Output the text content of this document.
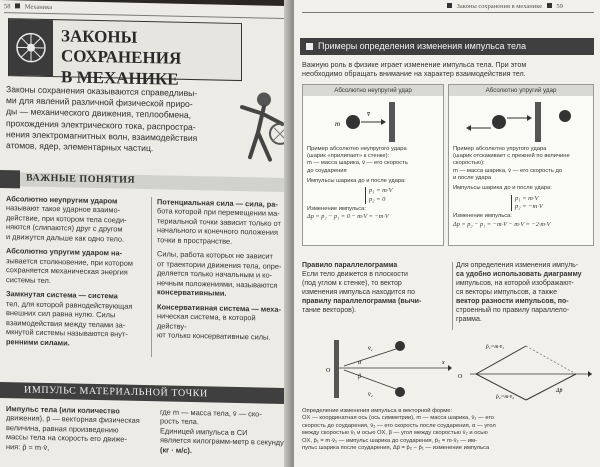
58 Механика
ЗАКОНЫ СОХРАНЕНИЯ
В МЕХАНИКЕ
Законы сохранения оказываются справедливы-
ми для явлений различной физической приро-
ды — механического движения, теплообмена,
прохождения электрического тока, распростра-
нения электромагнитных волн, взаимодействия
атомов, ядер, элементарных частиц.
ВАЖНЫЕ ПОНЯТИЯ
Абсолютно неупругим ударом
называют такое ударное взаимо-
действие, при котором тела соеди-
няются (слипаются) друг с другом
и движутся дальше как одно тело.
Абсолютно упругим ударом на-
зывается столкновение, при котором
сохраняется механическая энергия
системы тел.
Замкнутая система — система
тел, для которой равнодействующая
внешних сил равна нулю. Силы
взаимодействия между телами за-
мкнутой системы называются внут-
ренними силами.
Потенциальная сила — сила, ра-
бота которой при перемещении ма-
териальной точки зависит только от
начального и конечного положения
точки в пространстве.
Силы, работа которых не зависит
от траектории движения тела, опре-
деляется только начальным и ко-
нечным положениями, называются
консервативными.
Консервативная система — меха-
ническая система, в которой действу-
ют только консервативные силы.
ИМПУЛЬС МАТЕРИАЛЬНОЙ ТОЧКИ
Импульс тела (или количество
движения), p̄ — векторная физическая
величина, равная произведению
массы тела на скорость его движе-
ния: p̄ = m·v̄,
где m — масса тела, v̄ — ско-
рость тела.
Единицей импульса в СИ
является килограмм-метр в секунду
(кг · м/с).
Законы сохранения в механике 59
Примеры определения изменения импульса тела
Важную роль в физике играет изменение импульса тела. При этом
необходимо обращать внимание на характер взаимодействия тел.
Абсолютно неупругий удар
m
v̄
Пример абсолютно неупругого удара
(шарик «прилипает» к стенке):
m — масса шарика, v̄ — его скорость
до соударения
Импульсы шарика до и после удара:
p₁ = m·V
p₂ = 0
Изменение импульса:
Δp = p₂ − p₁ = 0 − m·V = −m·V
Абсолютно упругий удар
Пример абсолютно упругого удара
(шарик отскакивает с прежней по величине
скоростью):
m — масса шарика, v̄ — его скорость до
и после удара
Импульсы шарика до и после удара:
p₁ = m·V
p₂ = −m·V
Изменение импульса:
Δp = p₂ − p₁ = −m·V − m·V = −2·m·V
Правило параллелограмма
Если тело движется в плоскости
(под углом к стенке), то вектор
изменения импульса находится по
правилу параллелограмма (вычи-
тание векторов).
Для определения изменения импуль-
са удобно использовать диаграмму
импульсов, на которой изображают-
ся векторы импульсов, а также
вектор разности импульсов, по-
строенный по правилу параллело-
грамма.
v̄₁
v̄₂
α
β
x
O
O
p̄₁=m·v̄₁
p̄₂=m·v̄₂
Δp̄
Определение изменения импульса в векторной форме:
OX — координатная ось (ось симметрии), m — масса шарика, v̄₁ — его
скорость до соударения, v̄₂ — его скорость после соударения, α — угол
между скоростью v̄₁ и осью OX, β — угол между скоростью v̄₂ и осью
OX, p̄₁ = m·v̄₁ — импульс шарика до соударения, p̄₂ = m·v̄₂ — им-
пульс шарика после соударения, Δp̄ = p̄₂ − p̄₁ — изменение импульса
